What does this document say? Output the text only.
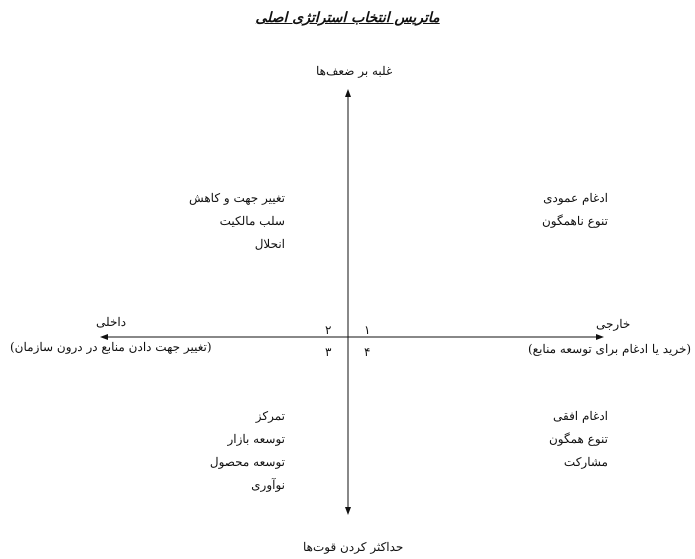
ماتریس انتخاب استراتژی اصلی
غلبه بر ضعف‌ها
حداکثر کردن قوت‌ها
داخلی
(تغییر جهت دادن منابع در درون سازمان)
خارجی
(خرید یا ادغام برای توسعه منابع)
۱
۲
۳	۴
تغییر جهت و کاهش
سلب مالکیت
انحلال
ادغام عمودی
تنوع ناهمگون
تمرکز
توسعه بازار
توسعه محصول
نوآوری
ادغام افقی
تنوع همگون
مشارکت
